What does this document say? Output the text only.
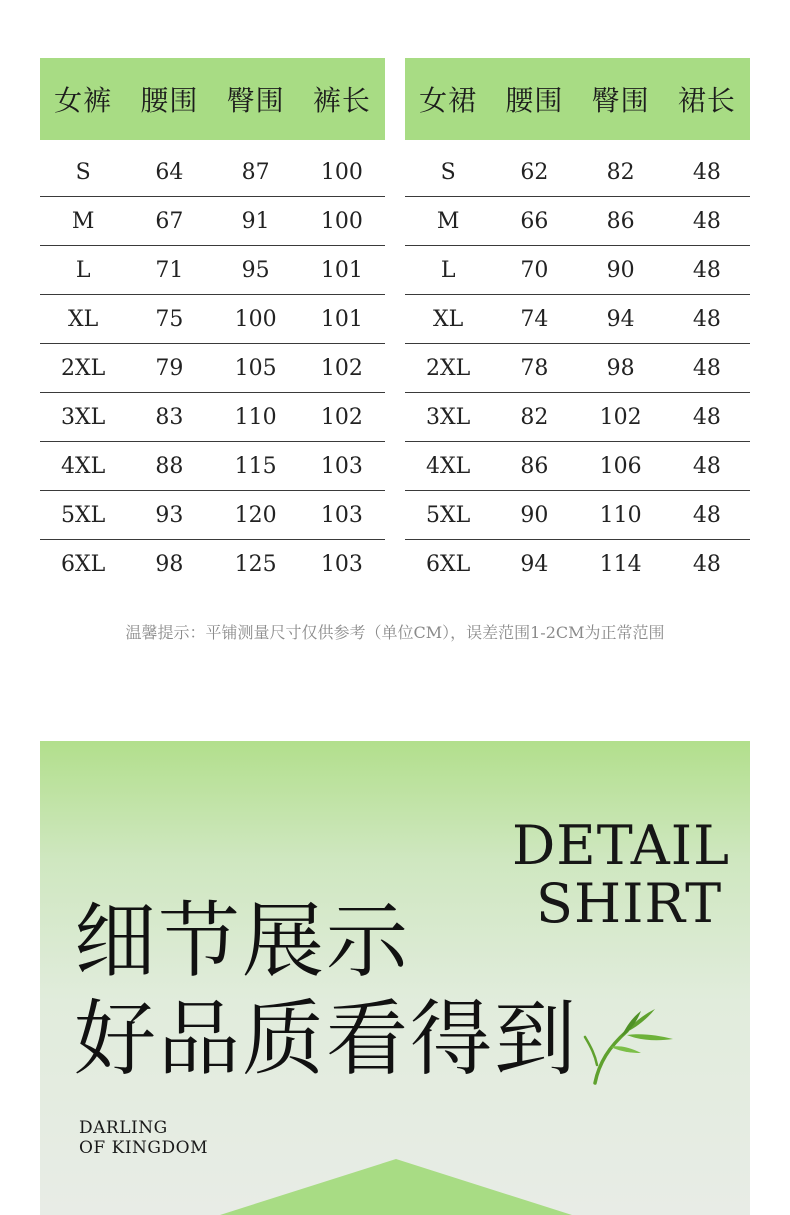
女裤	腰围	臀围	裤长
S	64	87	100
M	67	91	100
L	71	95	101
XL	75	100	101
2XL	79	105	102
3XL	83	110	102
4XL	88	115	103
5XL	93	120	103
6XL	98	125	103
女裙	腰围	臀围	裙长
S	62	82	48
M	66	86	48
L	70	90	48
XL	74	94	48
2XL	78	98	48
3XL	82	102	48
4XL	86	106	48
5XL	90	110	48
6XL	94	114	48
温馨提示：平铺测量尺寸仅供参考（单位CM），误差范围1-2CM为正常范围
DETAIL
SHIRT
细节展示
好品质看得到
DARLING
OF KINGDOM
